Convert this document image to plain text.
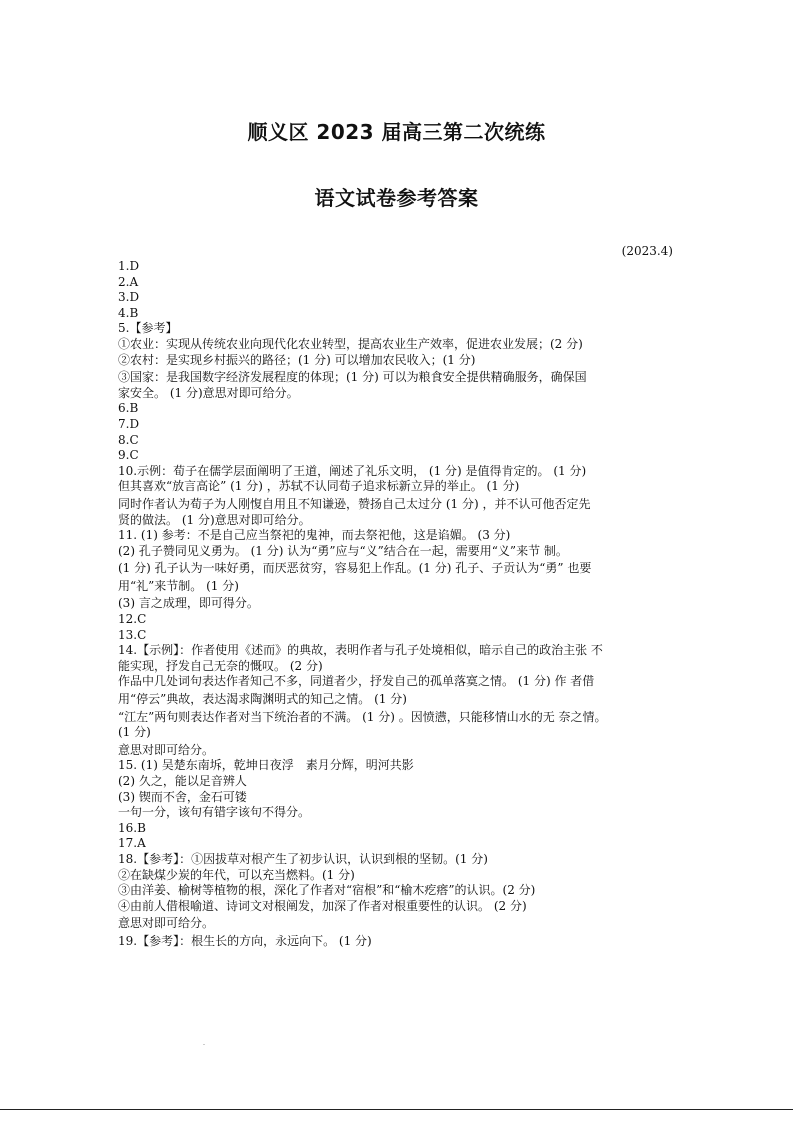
顺义区 2023 届高三第二次统练
语文试卷参考答案
(2023.4)
1.D
2.A
3.D
4.B
5.【参考】
①农业：实现从传统农业向现代化农业转型，提高农业生产效率，促进农业发展；(2 分)
②农村：是实现乡村振兴的路径；(1 分) 可以增加农民收入；(1 分)
③国家：是我国数字经济发展程度的体现；(1 分) 可以为粮食安全提供精确服务，确保国
家安全。 (1 分)意思对即可给分。
6.B
7.D
8.C
9.C
10.示例：荀子在儒学层面阐明了王道，阐述了礼乐文明， (1 分) 是值得肯定的。 (1 分)
但其喜欢“放言高论” (1 分) ，苏轼不认同荀子追求标新立异的举止。 (1 分)
同时作者认为荀子为人刚愎自用且不知谦逊，赞扬自己太过分 (1 分) ，并不认可他否定先
贤的做法。 (1 分)意思对即可给分。
11. (1) 参考：不是自己应当祭祀的鬼神，而去祭祀他，这是谄媚。 (3 分)
(2) 孔子赞同见义勇为。 (1 分) 认为“勇”应与“义”结合在一起，需要用“义”来节 制。
(1 分) 孔子认为一味好勇，而厌恶贫穷，容易犯上作乱。(1 分) 孔子、子贡认为“勇” 也要
用“礼”来节制。 (1 分)
(3) 言之成理，即可得分。
12.C
13.C
14.【示例】：作者使用《述而》的典故，表明作者与孔子处境相似，暗示自己的政治主张 不
能实现，抒发自己无奈的慨叹。 (2 分)
作品中几处词句表达作者知己不多，同道者少，抒发自己的孤单落寞之情。 (1 分) 作 者借
用“停云”典故，表达渴求陶渊明式的知己之情。 (1 分)
“江左”两句则表达作者对当下统治者的不满。 (1 分) 。因愤懑，只能移情山水的无 奈之情。
(1 分)
意思对即可给分。
15. (1) 吴楚东南坼，乾坤日夜浮　素月分辉，明河共影
(2) 久之，能以足音辨人
(3) 锲而不舍，金石可镂
一句一分，该句有错字该句不得分。
16.B
17.A
18.【参考】：①因拔草对根产生了初步认识，认识到根的坚韧。(1 分)
②在缺煤少炭的年代，可以充当燃料。(1 分)
③由洋姜、榆树等植物的根，深化了作者对“宿根”和“榆木疙瘩”的认识。(2 分)
④由前人借根喻道、诗词文对根阐发，加深了作者对根重要性的认识。 (2 分)
意思对即可给分。
19.【参考】：根生长的方向，永远向下。 (1 分)
